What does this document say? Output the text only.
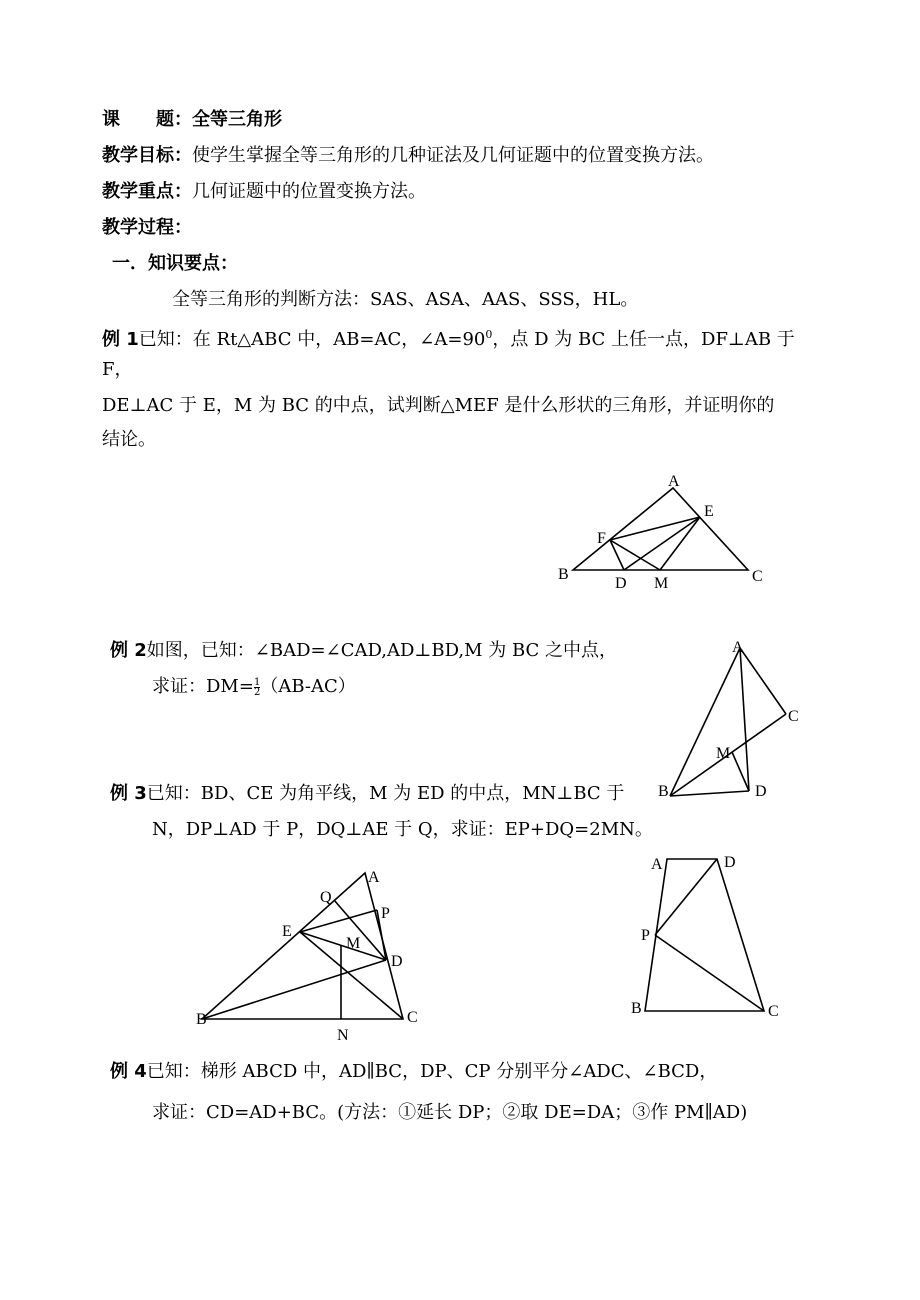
课　　题：全等三角形
教学目标：使学生掌握全等三角形的几种证法及几何证题中的位置变换方法。
教学重点：几何证题中的位置变换方法。
教学过程：
一．知识要点：
全等三角形的判断方法：SAS、ASA、AAS、SSS，HL。
例 1已知：在 Rt△ABC 中，AB=AC，$\angle A=90^0$，点 D 为 BC 上任一点，DF⊥AB 于
F，
DE⊥AC 于 E，M 为 BC 的中点，试判断△MEF 是什么形状的三角形，并证明你的
结论。
A
E
F
B
D M	C
例 2如图，已知：∠BAD=∠CAD,AD⊥BD,M 为 BC 之中点，
求证：$DM= \frac{1}{2} (AB-AC)$
A
C
M
B	D
例 3已知：BD、CE 为角平线，M 为 ED 的中点，MN⊥BC 于
N，DP⊥AD 于 P，DQ⊥AE 于 Q，求证：EP+DQ=2MN。
A
Q
P
E
M
D
B
N
C
A	D
P
B	C
例 4已知：梯形 ABCD 中，AD∥BC，DP、CP 分别平分∠ADC、∠BCD，
求证：CD=AD+BC。(方法：①延长 DP；②取 DE=DA；③作 PM∥AD)
